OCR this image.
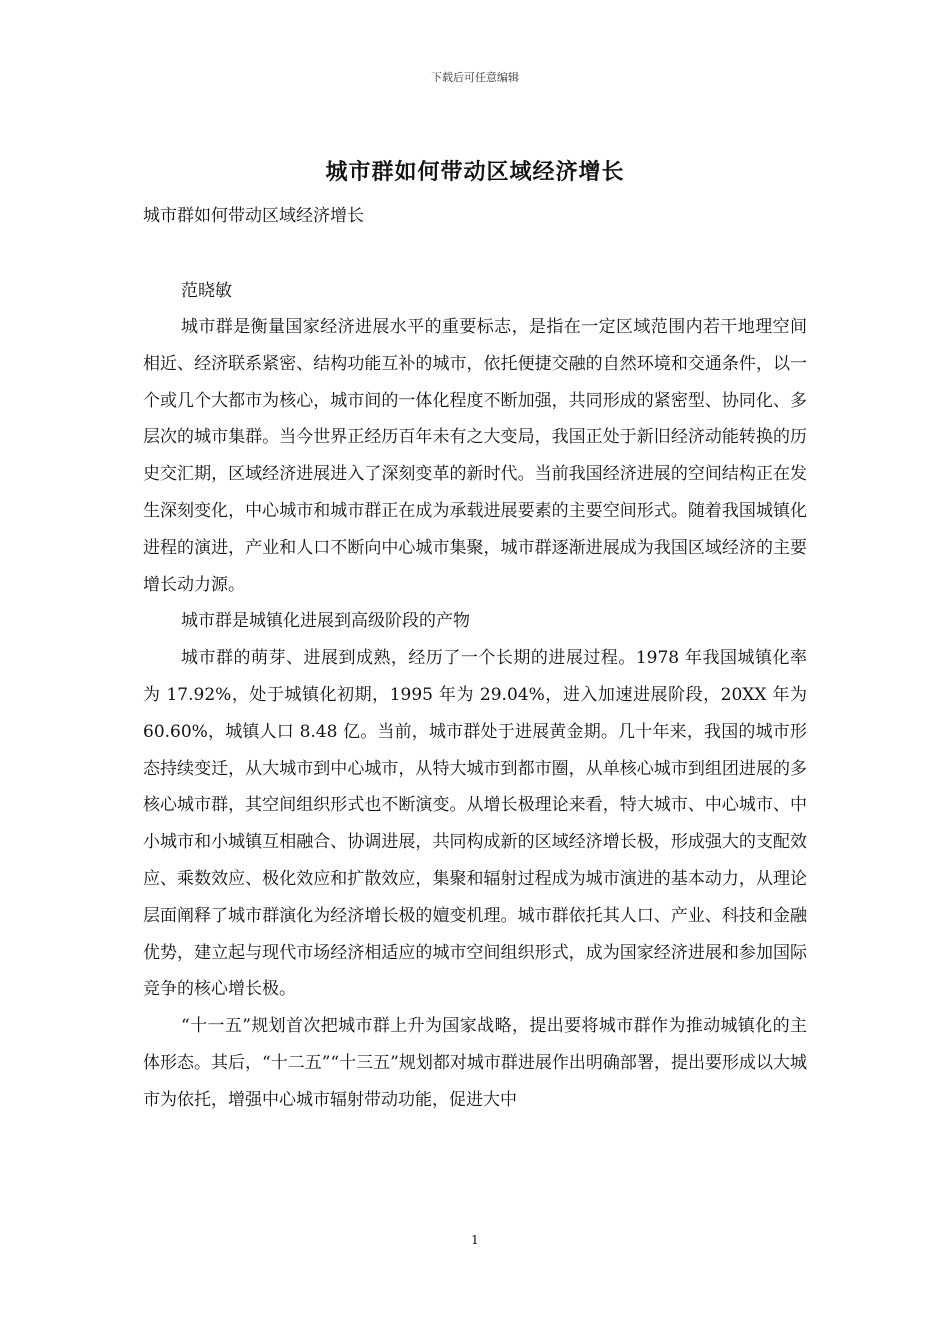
下载后可任意编辑
城市群如何带动区域经济增长
城市群如何带动区域经济增长
范晓敏

城市群是衡量国家经济进展水平的重要标志，是指在一定区域范围内若干地理空间相近、经济联系紧密、结构功能互补的城市，依托便捷交融的自然环境和交通条件，以一个或几个大都市为核心，城市间的一体化程度不断加强，共同形成的紧密型、协同化、多层次的城市集群。当今世界正经历百年未有之大变局，我国正处于新旧经济动能转换的历史交汇期，区域经济进展进入了深刻变革的新时代。当前我国经济进展的空间结构正在发生深刻变化，中心城市和城市群正在成为承载进展要素的主要空间形式。随着我国城镇化进程的演进，产业和人口不断向中心城市集聚，城市群逐渐进展成为我国区域经济的主要增长动力源。

城市群是城镇化进展到高级阶段的产物

城市群的萌芽、进展到成熟，经历了一个长期的进展过程。1978 年我国城镇化率为 17.92%，处于城镇化初期，1995 年为 29.04%，进入加速进展阶段，20XX 年为 60.60%，城镇人口 8.48 亿。当前，城市群处于进展黄金期。几十年来，我国的城市形态持续变迁，从大城市到中心城市，从特大城市到都市圈，从单核心城市到组团进展的多核心城市群，其空间组织形式也不断演变。从增长极理论来看，特大城市、中心城市、中小城市和小城镇互相融合、协调进展，共同构成新的区域经济增长极，形成强大的支配效应、乘数效应、极化效应和扩散效应，集聚和辐射过程成为城市演进的基本动力，从理论层面阐释了城市群演化为经济增长极的嬗变机理。城市群依托其人口、产业、科技和金融优势，建立起与现代市场经济相适应的城市空间组织形式，成为国家经济进展和参加国际竞争的核心增长极。

“十一五”规划首次把城市群上升为国家战略，提出要将城市群作为推动城镇化的主体形态。其后，“十二五”“十三五”规划都对城市群进展作出明确部署，提出要形成以大城市为依托，增强中心城市辐射带动功能，促进大中

1
